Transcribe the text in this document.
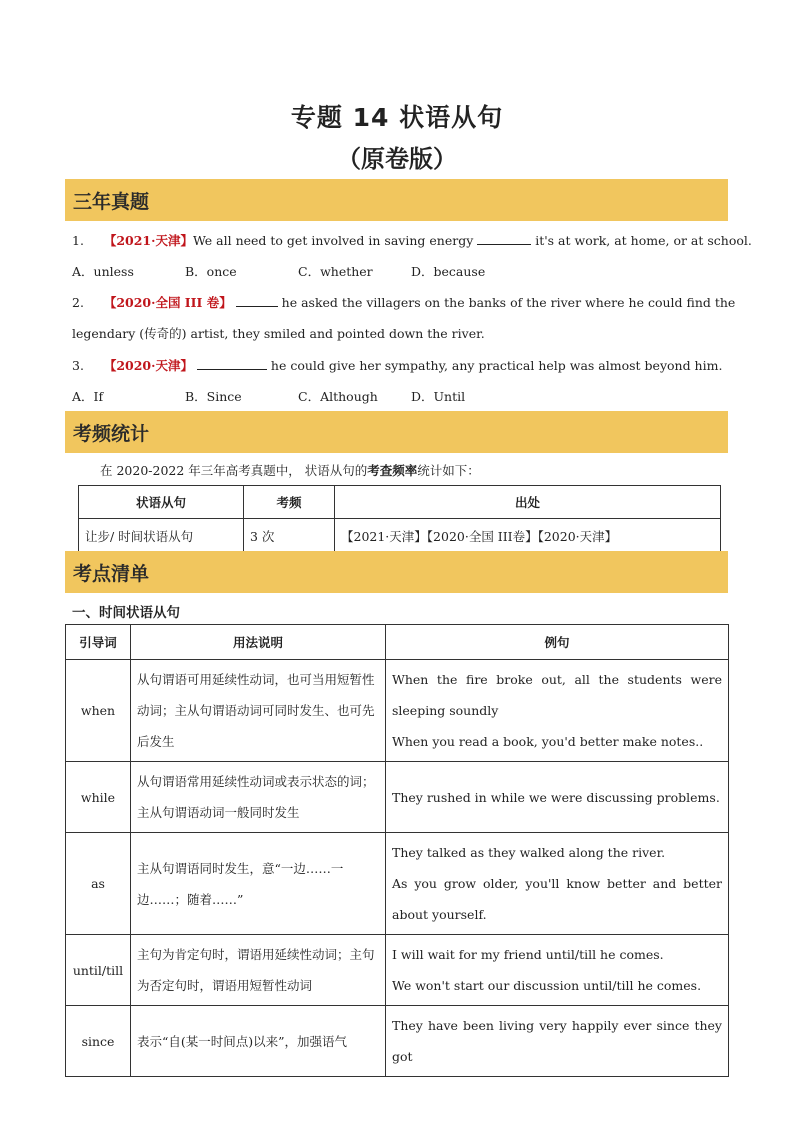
专题 14 状语从句
（原卷版）
三年真题
1. 【2021·天津】We all need to get involved in saving energy	it's at work, at home, or at school.
A．unless	B．once	C．whether	D．because
2. 【2020·全国 III 卷】	he asked the villagers on the banks of the river where he could find the
legendary (传奇的) artist, they smiled and pointed down the river.
3. 【2020·天津】	he could give her sympathy, any practical help was almost beyond him.
A．If	B．Since	C．Although	D．Until
考频统计
在 2020-2022 年三年高考真题中， 状语从句的考查频率统计如下：
状语从句	考频	出处
让步/ 时间状语从句	3 次	【2021·天津】【2020·全国 III卷】【2020·天津】
考点清单
一、时间状语从句
引导词	用法说明	例句
when	从句谓语可用延续性动词，也可当用短暂性动词；主从句谓语动词可同时发生、也可先后发生	When the fire broke out, all the students were sleeping soundly

When you read a book, you'd better make notes..

while	从句谓语常用延续性动词或表示状态的词；主从句谓语动词一般同时发生	They rushed in while we were discussing problems.

as	主从句谓语同时发生，意“一边……一边……；随着……”	They talked as they walked along the river.

As you grow older, you'll know better and better about yourself.

until/till	主句为肯定句时，谓语用延续性动词；主句为否定句时，谓语用短暂性动词	I will wait for my friend until/till he comes.

We won't start our discussion until/till he comes.

since	表示“自(某一时间点)以来”，加强语气	They have been living very happily ever since they got
